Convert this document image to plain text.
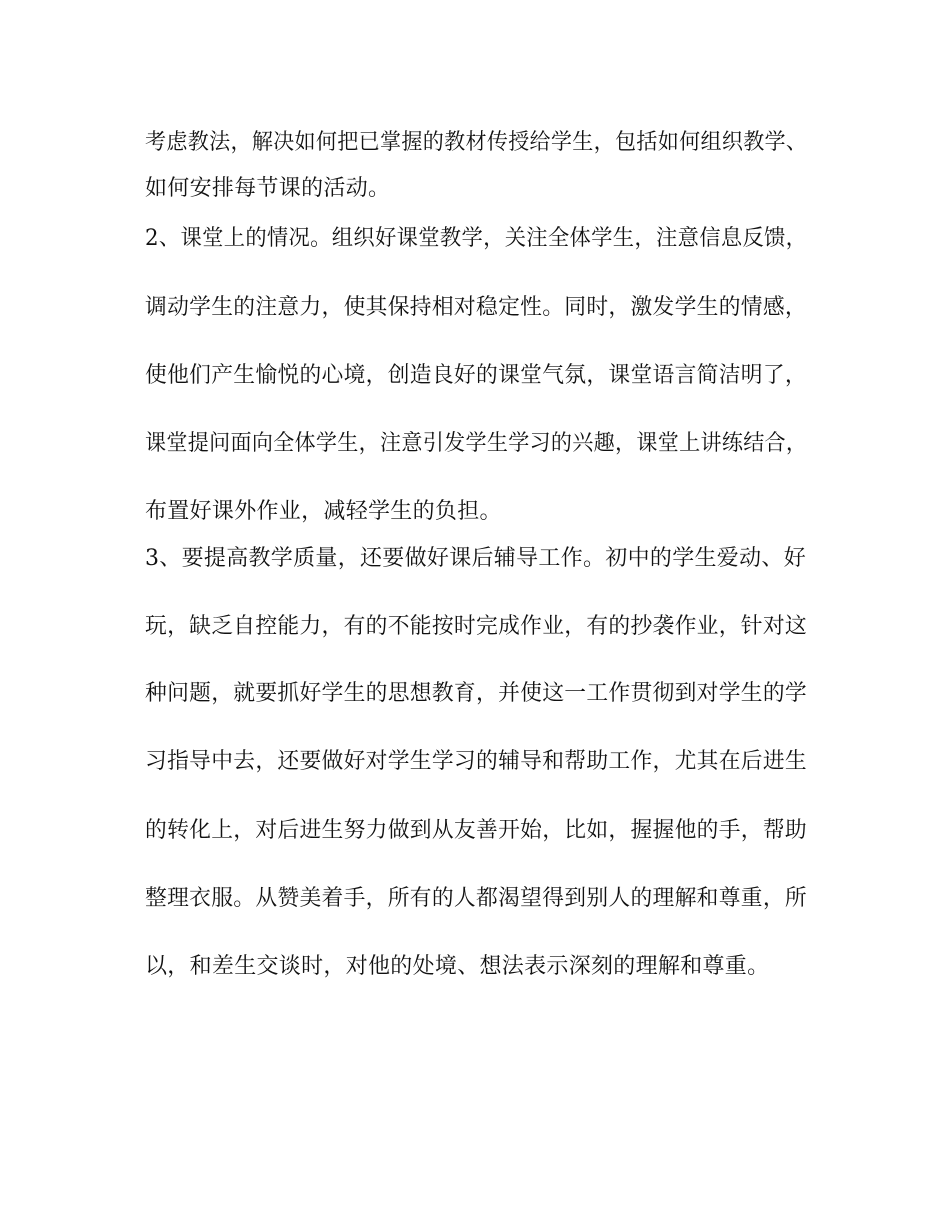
考虑教法，解决如何把已掌握的教材传授给学生，包括如何组织教学、
如何安排每节课的活动。
2、课堂上的情况。组织好课堂教学，关注全体学生，注意信息反馈，
调动学生的注意力，使其保持相对稳定性。同时，激发学生的情感，
使他们产生愉悦的心境，创造良好的课堂气氛，课堂语言简洁明了，
课堂提问面向全体学生，注意引发学生学习的兴趣，课堂上讲练结合，
布置好课外作业，减轻学生的负担。
3、要提高教学质量，还要做好课后辅导工作。初中的学生爱动、好
玩，缺乏自控能力，有的不能按时完成作业，有的抄袭作业，针对这
种问题，就要抓好学生的思想教育，并使这一工作贯彻到对学生的学
习指导中去，还要做好对学生学习的辅导和帮助工作，尤其在后进生
的转化上，对后进生努力做到从友善开始，比如，握握他的手，帮助
整理衣服。从赞美着手，所有的人都渴望得到别人的理解和尊重，所
以，和差生交谈时，对他的处境、想法表示深刻的理解和尊重。
